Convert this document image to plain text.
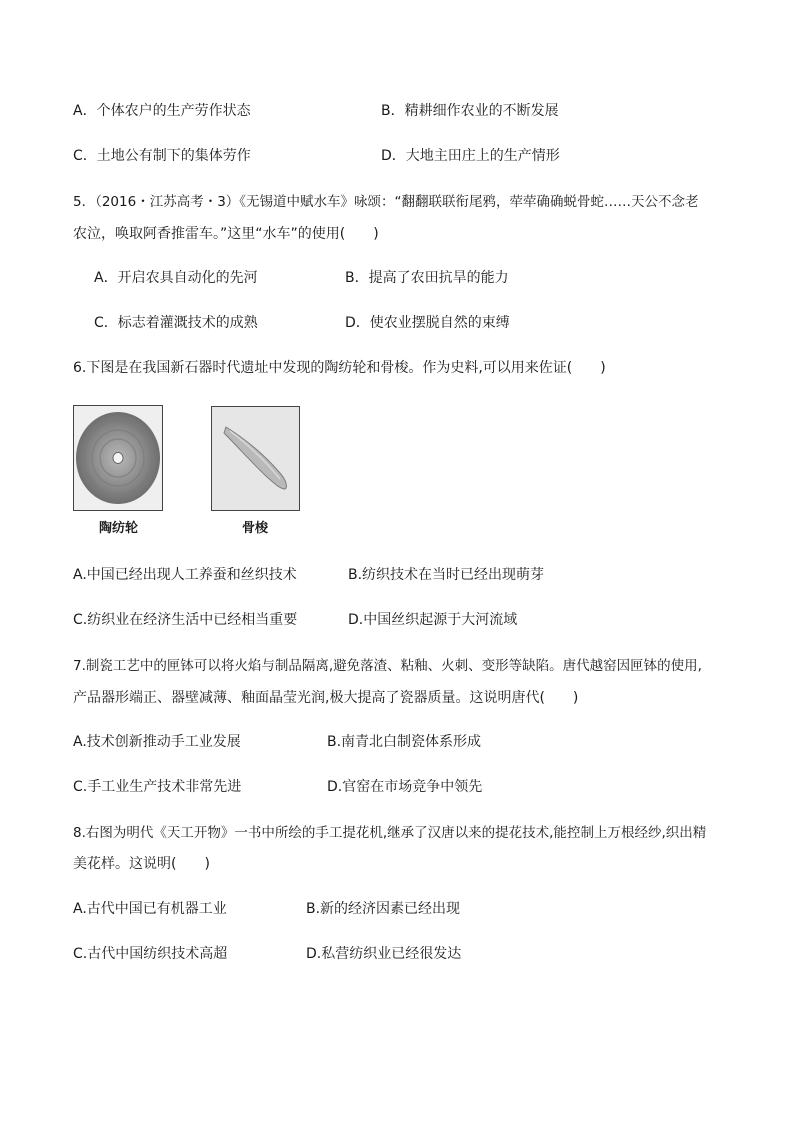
A．个体农户的生产劳作状态	B．精耕细作农业的不断发展
C．土地公有制下的集体劳作	D．大地主田庄上的生产情形
5．（2016・江苏高考・3）《无锡道中赋水车》咏颂：“翻翻联联衔尾鸦，荦荦确确蜕骨蛇……天公不念老
农泣，唤取阿香推雷车。”这里“水车”的使用(　　)
A．开启农具自动化的先河	B．提高了农田抗旱的能力
C．标志着灌溉技术的成熟	D．使农业摆脱自然的束缚
6.下图是在我国新石器时代遗址中发现的陶纺轮和骨梭。作为史料,可以用来佐证(　　)
陶纺轮	骨梭
A.中国已经出现人工养蚕和丝织技术	B.纺织技术在当时已经出现萌芽
C.纺织业在经济生活中已经相当重要	D.中国丝织起源于大河流域
7.制瓷工艺中的匣钵可以将火焰与制品隔离,避免落渣、粘釉、火刺、变形等缺陷。唐代越窑因匣钵的使用,
产品器形端正、器壁减薄、釉面晶莹光润,极大提高了瓷器质量。这说明唐代(　　)
A.技术创新推动手工业发展	B.南青北白制瓷体系形成
C.手工业生产技术非常先进	D.官窑在市场竞争中领先
8.右图为明代《天工开物》一书中所绘的手工提花机,继承了汉唐以来的提花技术,能控制上万根经纱,织出精
美花样。这说明(　　)
A.古代中国已有机器工业	B.新的经济因素已经出现
C.古代中国纺织技术高超	D.私营纺织业已经很发达
